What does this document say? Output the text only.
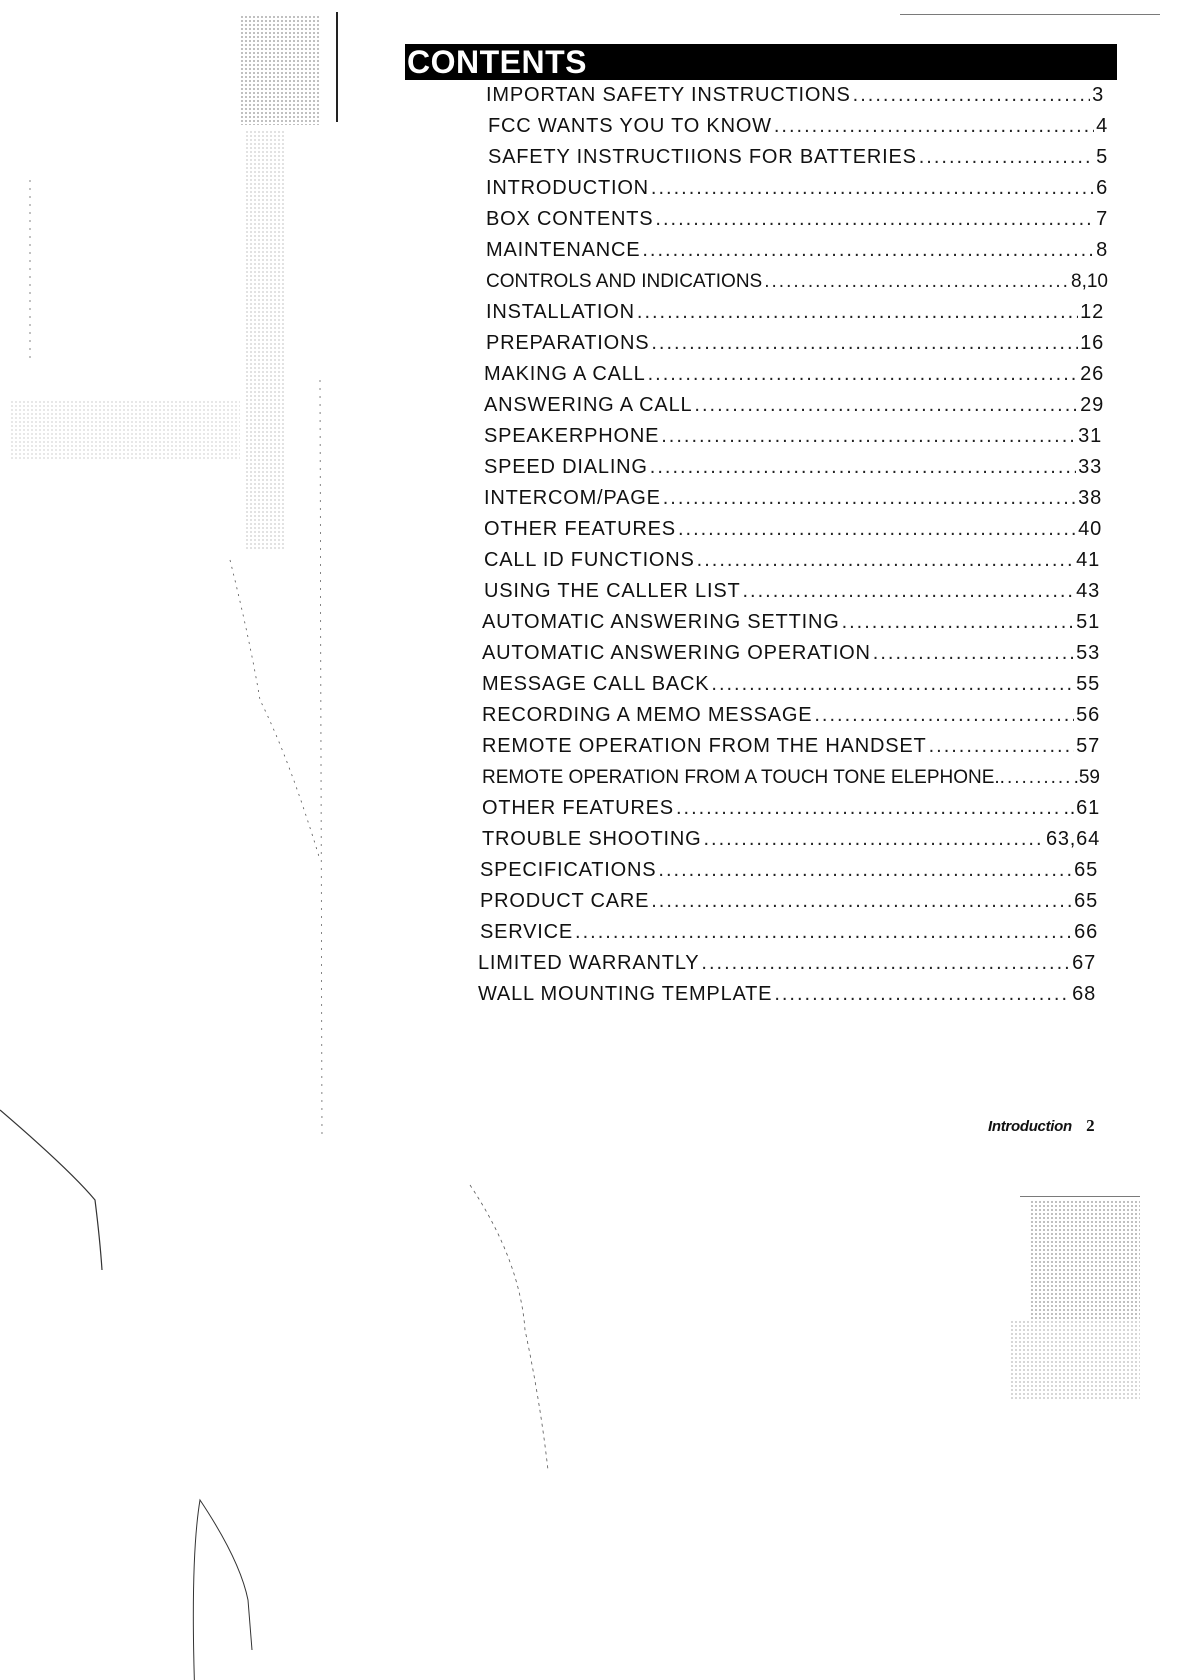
CONTENTS
IMPORTAN SAFETY INSTRUCTIONS .....	3
FCC WANTS YOU TO KNOW .....	4
SAFETY INSTRUCTIIONS FOR BATTERIES .....	5
INTRODUCTION .....	6
BOX CONTENTS .....	7
MAINTENANCE .....	8
CONTROLS AND INDICATIONS .....	8,10
INSTALLATION .....	12
PREPARATIONS .....	16
MAKING A CALL .....	26
ANSWERING A CALL .....	29
SPEAKERPHONE .....	31
SPEED DIALING .....	33
INTERCOM/PAGE .....	38
OTHER FEATURES .....	40
CALL ID FUNCTIONS .....	41
USING THE CALLER LIST .....	43
AUTOMATIC ANSWERING SETTING .....	51
AUTOMATIC ANSWERING OPERATION .....	53
MESSAGE CALL BACK .....	55
RECORDING A MEMO MESSAGE .....	56
REMOTE OPERATION FROM THE HANDSET .....	57
REMOTE OPERATION FROM A TOUCH TONE ELEPHONE.. .....	.59
OTHER FEATURES .....	..61
TROUBLE SHOOTING .....	63,64
SPECIFICATIONS .....	65
PRODUCT CARE .....	65
SERVICE .....	66
LIMITED WARRANTLY .....	67
WALL MOUNTING TEMPLATE .....	68
Introduction 2
